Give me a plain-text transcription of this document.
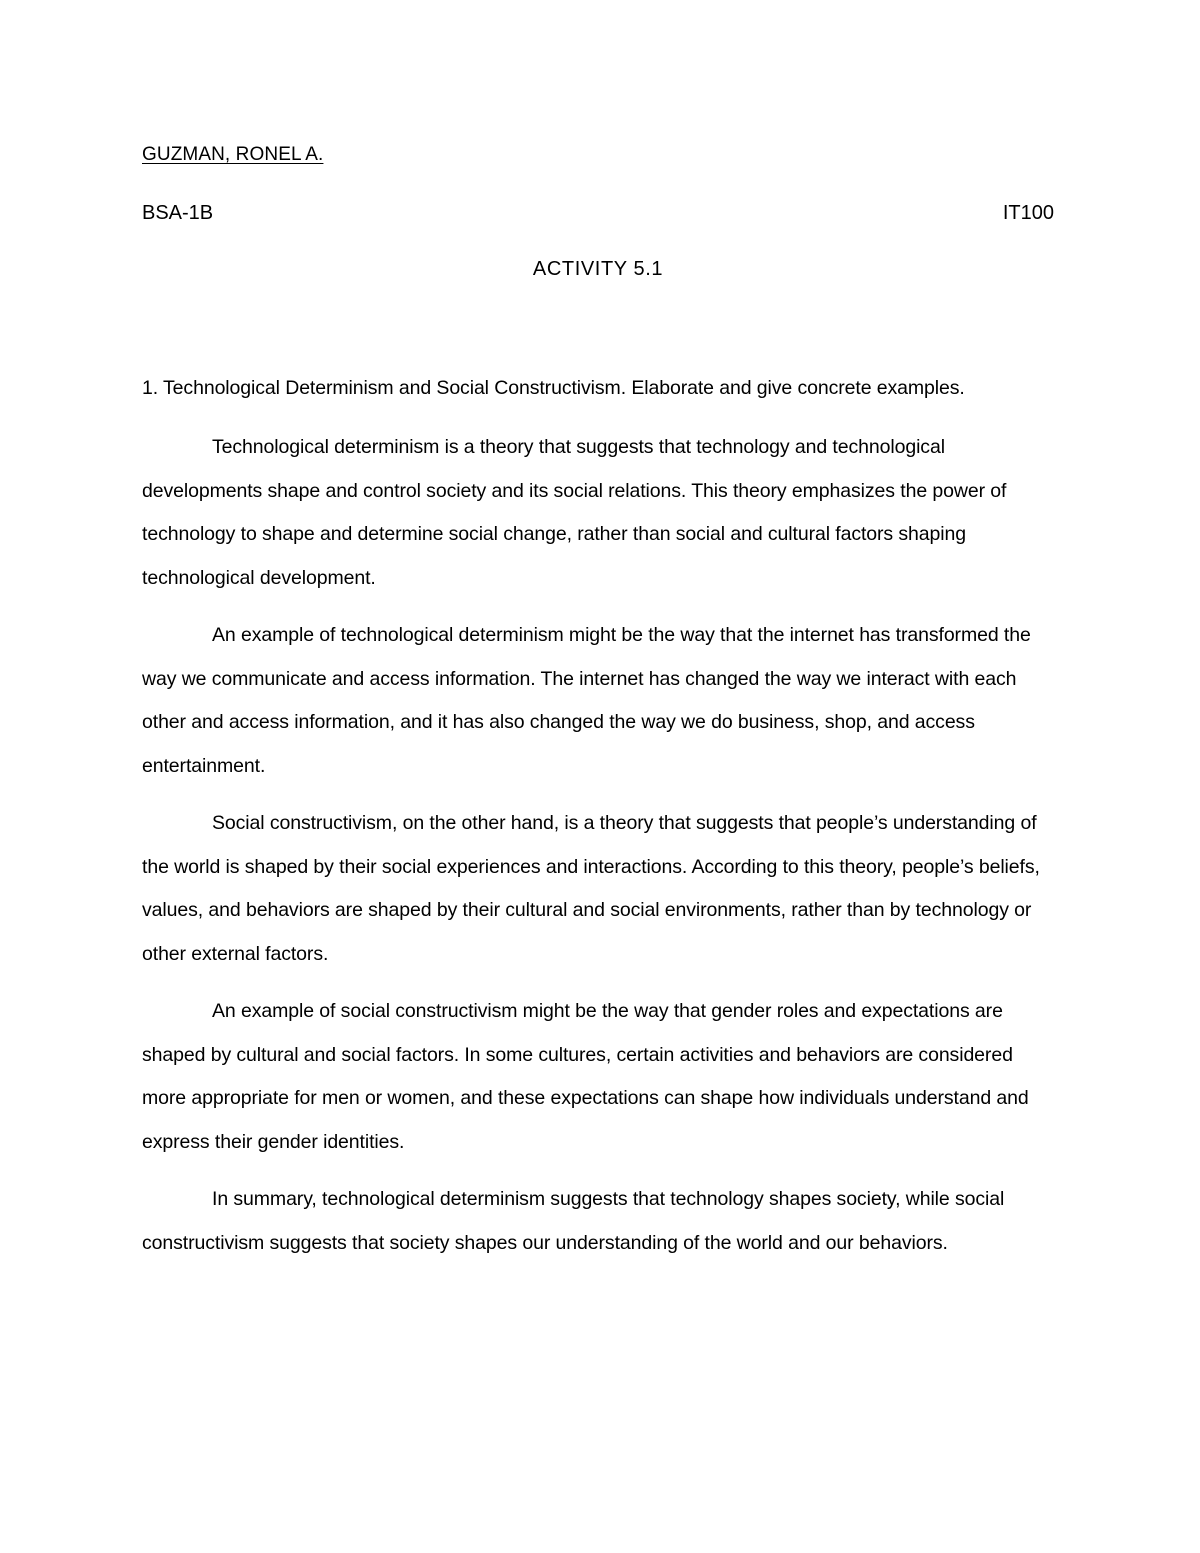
GUZMAN, RONEL A.
BSA-1B	IT100
ACTIVITY 5.1

1. Technological Determinism and Social Constructivism. Elaborate and give concrete examples.

Technological determinism is a theory that suggests that technology and technological developments shape and control society and its social relations. This theory emphasizes the power of technology to shape and determine social change, rather than social and cultural factors shaping technological development.

An example of technological determinism might be the way that the internet has transformed the way we communicate and access information. The internet has changed the way we interact with each other and access information, and it has also changed the way we do business, shop, and access entertainment.

Social constructivism, on the other hand, is a theory that suggests that people’s understanding of the world is shaped by their social experiences and interactions. According to this theory, people’s beliefs, values, and behaviors are shaped by their cultural and social environments, rather than by technology or other external factors.

An example of social constructivism might be the way that gender roles and expectations are shaped by cultural and social factors. In some cultures, certain activities and behaviors are considered more appropriate for men or women, and these expectations can shape how individuals understand and express their gender identities.

In summary, technological determinism suggests that technology shapes society, while social constructivism suggests that society shapes our understanding of the world and our behaviors.
